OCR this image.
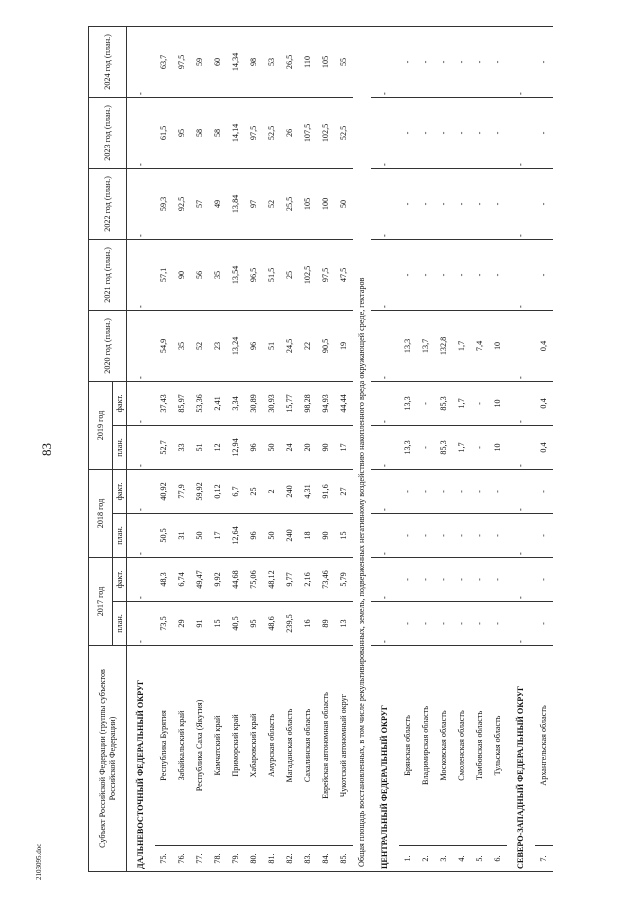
83
2103095.doc
Субъект Российской Федерации (группы субъектов Российской Федерации)		2017 год		2018 год		2019 год		2020 год (план.)	2021 год (план.)	2022 год (план.)	2023 год (план.)	2024 год (план.)
		план.	факт.	план.	факт.	план.	факт.					
ДАЛЬНЕВОСТОЧНЫЙ ФЕДЕРАЛЬНЫЙ ОКРУГ		-	-	-	-	-	-	-	-	-	-	-
75.	Республика Бурятия	73,5	48,3	50,5	40,92	52,7	37,43	54,9	57,1	59,3	61,5	63,7
76.	Забайкальский край	29	6,74	31	77,9	33	85,97	35	90	92,5	95	97,5
77.	Республика Саха (Якутия)	91	49,47	50	59,92	51	53,36	52	56	57	58	59
78.	Камчатский край	15	9,92	17	0,12	12	2,41	23	35	49	58	60
79.	Приморский край	40,5	44,68	12,64	6,7	12,94	3,34	13,24	13,54	13,84	14,14	14,34
80.	Хабаровский край	95	75,06	96	25	96	30,89	96	96,5	97	97,5	98
81.	Амурская область	48,6	48,12	50	2	50	30,93	51	51,5	52	52,5	53
82.	Магаданская область	239,5	9,77	240	240	24	15,77	24,5	25	25,5	26	26,5
83.	Сахалинская область	16	2,16	18	4,31	20	98,28	22	102,5	105	107,5	110
84.	Еврейская автономная область	89	73,46	90	91,6	90	94,93	90,5	97,5	100	102,5	105
85.	Чукотский автономный округ	13	5,79	15	27	17	44,44	19	47,5	50	52,5	55
Общая площадь восстановленных, в том числе рекультивированных, земель, подверженных негативному воздействию накопленного вреда окружающей среде, гектаров												
ЦЕНТРАЛЬНЫЙ ФЕДЕРАЛЬНЫЙ ОКРУГ		-	-	-	-	-	-	-	-	-	-	-
1.	Брянская область	-	-	-	-	13,3	13,3	13,3	-	-	-	-
2.	Владимирская область	-	-	-	-	-	-	13,7	-	-	-	-
3.	Московская область	-	-	-	-	85,3	85,3	132,8	-	-	-	-
4.	Смоленская область	-	-	-	-	1,7	1,7	1,7	-	-	-	-
5.	Тамбовская область	-	-	-	-	-	-	7,4	-	-	-	-
6.	Тульская область	-	-	-	-	10	10	10	-	-	-	-
СЕВЕРО-ЗАПАДНЫЙ ФЕДЕРАЛЬНЫЙ ОКРУГ		-	-	-	-	-	-	-	-	-	-	-
7.	Архангельская область	-	-	-	-	0,4	0,4	0,4	-	-	-	-
